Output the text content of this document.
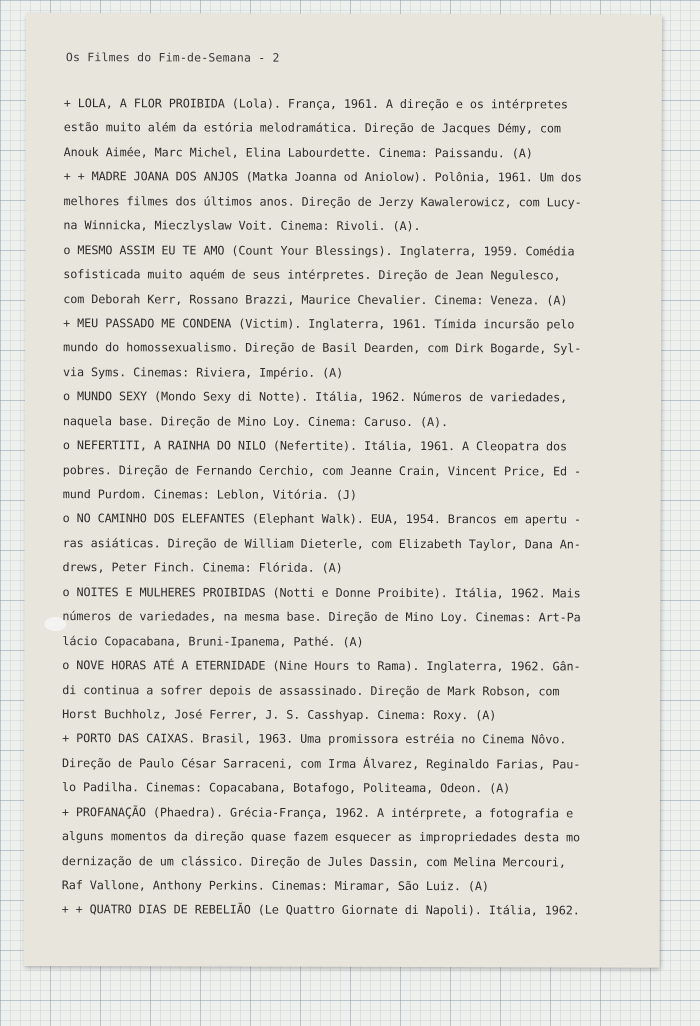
Os Filmes do Fim-de-Semana - 2
+ LOLA, A FLOR PROIBIDA (Lola). França, 1961. A direção e os intérpretes
estão muito além da estória melodramática. Direção de Jacques Démy, com
Anouk Aimée, Marc Michel, Elina Labourdette. Cinema: Paissandu. (A)
+ + MADRE JOANA DOS ANJOS (Matka Joanna od Aniolow). Polônia, 1961. Um dos
melhores filmes dos últimos anos. Direção de Jerzy Kawalerowicz, com Lucy-
na Winnicka, Mieczlyslaw Voit. Cinema: Rivoli. (A).
o MESMO ASSIM EU TE AMO (Count Your Blessings). Inglaterra, 1959. Comédia
sofisticada muito aquém de seus intérpretes. Direção de Jean Negulesco,
com Deborah Kerr, Rossano Brazzi, Maurice Chevalier. Cinema: Veneza. (A)
+ MEU PASSADO ME CONDENA (Victim). Inglaterra, 1961. Tímida incursão pelo
mundo do homossexualismo. Direção de Basil Dearden, com Dirk Bogarde, Syl-
via Syms. Cinemas: Riviera, Império. (A)
o MUNDO SEXY (Mondo Sexy di Notte). Itália, 1962. Números de variedades,
naquela base. Direção de Mino Loy. Cinema: Caruso. (A).
o NEFERTITI, A RAINHA DO NILO (Nefertite). Itália, 1961. A Cleopatra dos
pobres. Direção de Fernando Cerchio, com Jeanne Crain, Vincent Price, Ed -
mund Purdom. Cinemas: Leblon, Vitória. (J)
o NO CAMINHO DOS ELEFANTES (Elephant Walk). EUA, 1954. Brancos em apertu -
ras asiáticas. Direção de William Dieterle, com Elizabeth Taylor, Dana An-
drews, Peter Finch. Cinema: Flórida. (A)
o NOITES E MULHERES PROIBIDAS (Notti e Donne Proibite). Itália, 1962. Mais
números de variedades, na mesma base. Direção de Mino Loy. Cinemas: Art-Pa
lácio Copacabana, Bruni-Ipanema, Pathé. (A)
o NOVE HORAS ATÉ A ETERNIDADE (Nine Hours to Rama). Inglaterra, 1962. Gân-
di continua a sofrer depois de assassinado. Direção de Mark Robson, com
Horst Buchholz, José Ferrer, J. S. Casshyap. Cinema: Roxy. (A)
+ PORTO DAS CAIXAS. Brasil, 1963. Uma promissora estréia no Cinema Nôvo.
Direção de Paulo César Sarraceni, com Irma Álvarez, Reginaldo Farias, Pau-
lo Padilha. Cinemas: Copacabana, Botafogo, Politeama, Odeon. (A)
+ PROFANAÇÃO (Phaedra). Grécia-França, 1962. A intérprete, a fotografia e
alguns momentos da direção quase fazem esquecer as impropriedades desta mo
dernização de um clássico. Direção de Jules Dassin, com Melina Mercouri,
Raf Vallone, Anthony Perkins. Cinemas: Miramar, São Luiz. (A)
+ + QUATRO DIAS DE REBELIÃO (Le Quattro Giornate di Napoli). Itália, 1962.
